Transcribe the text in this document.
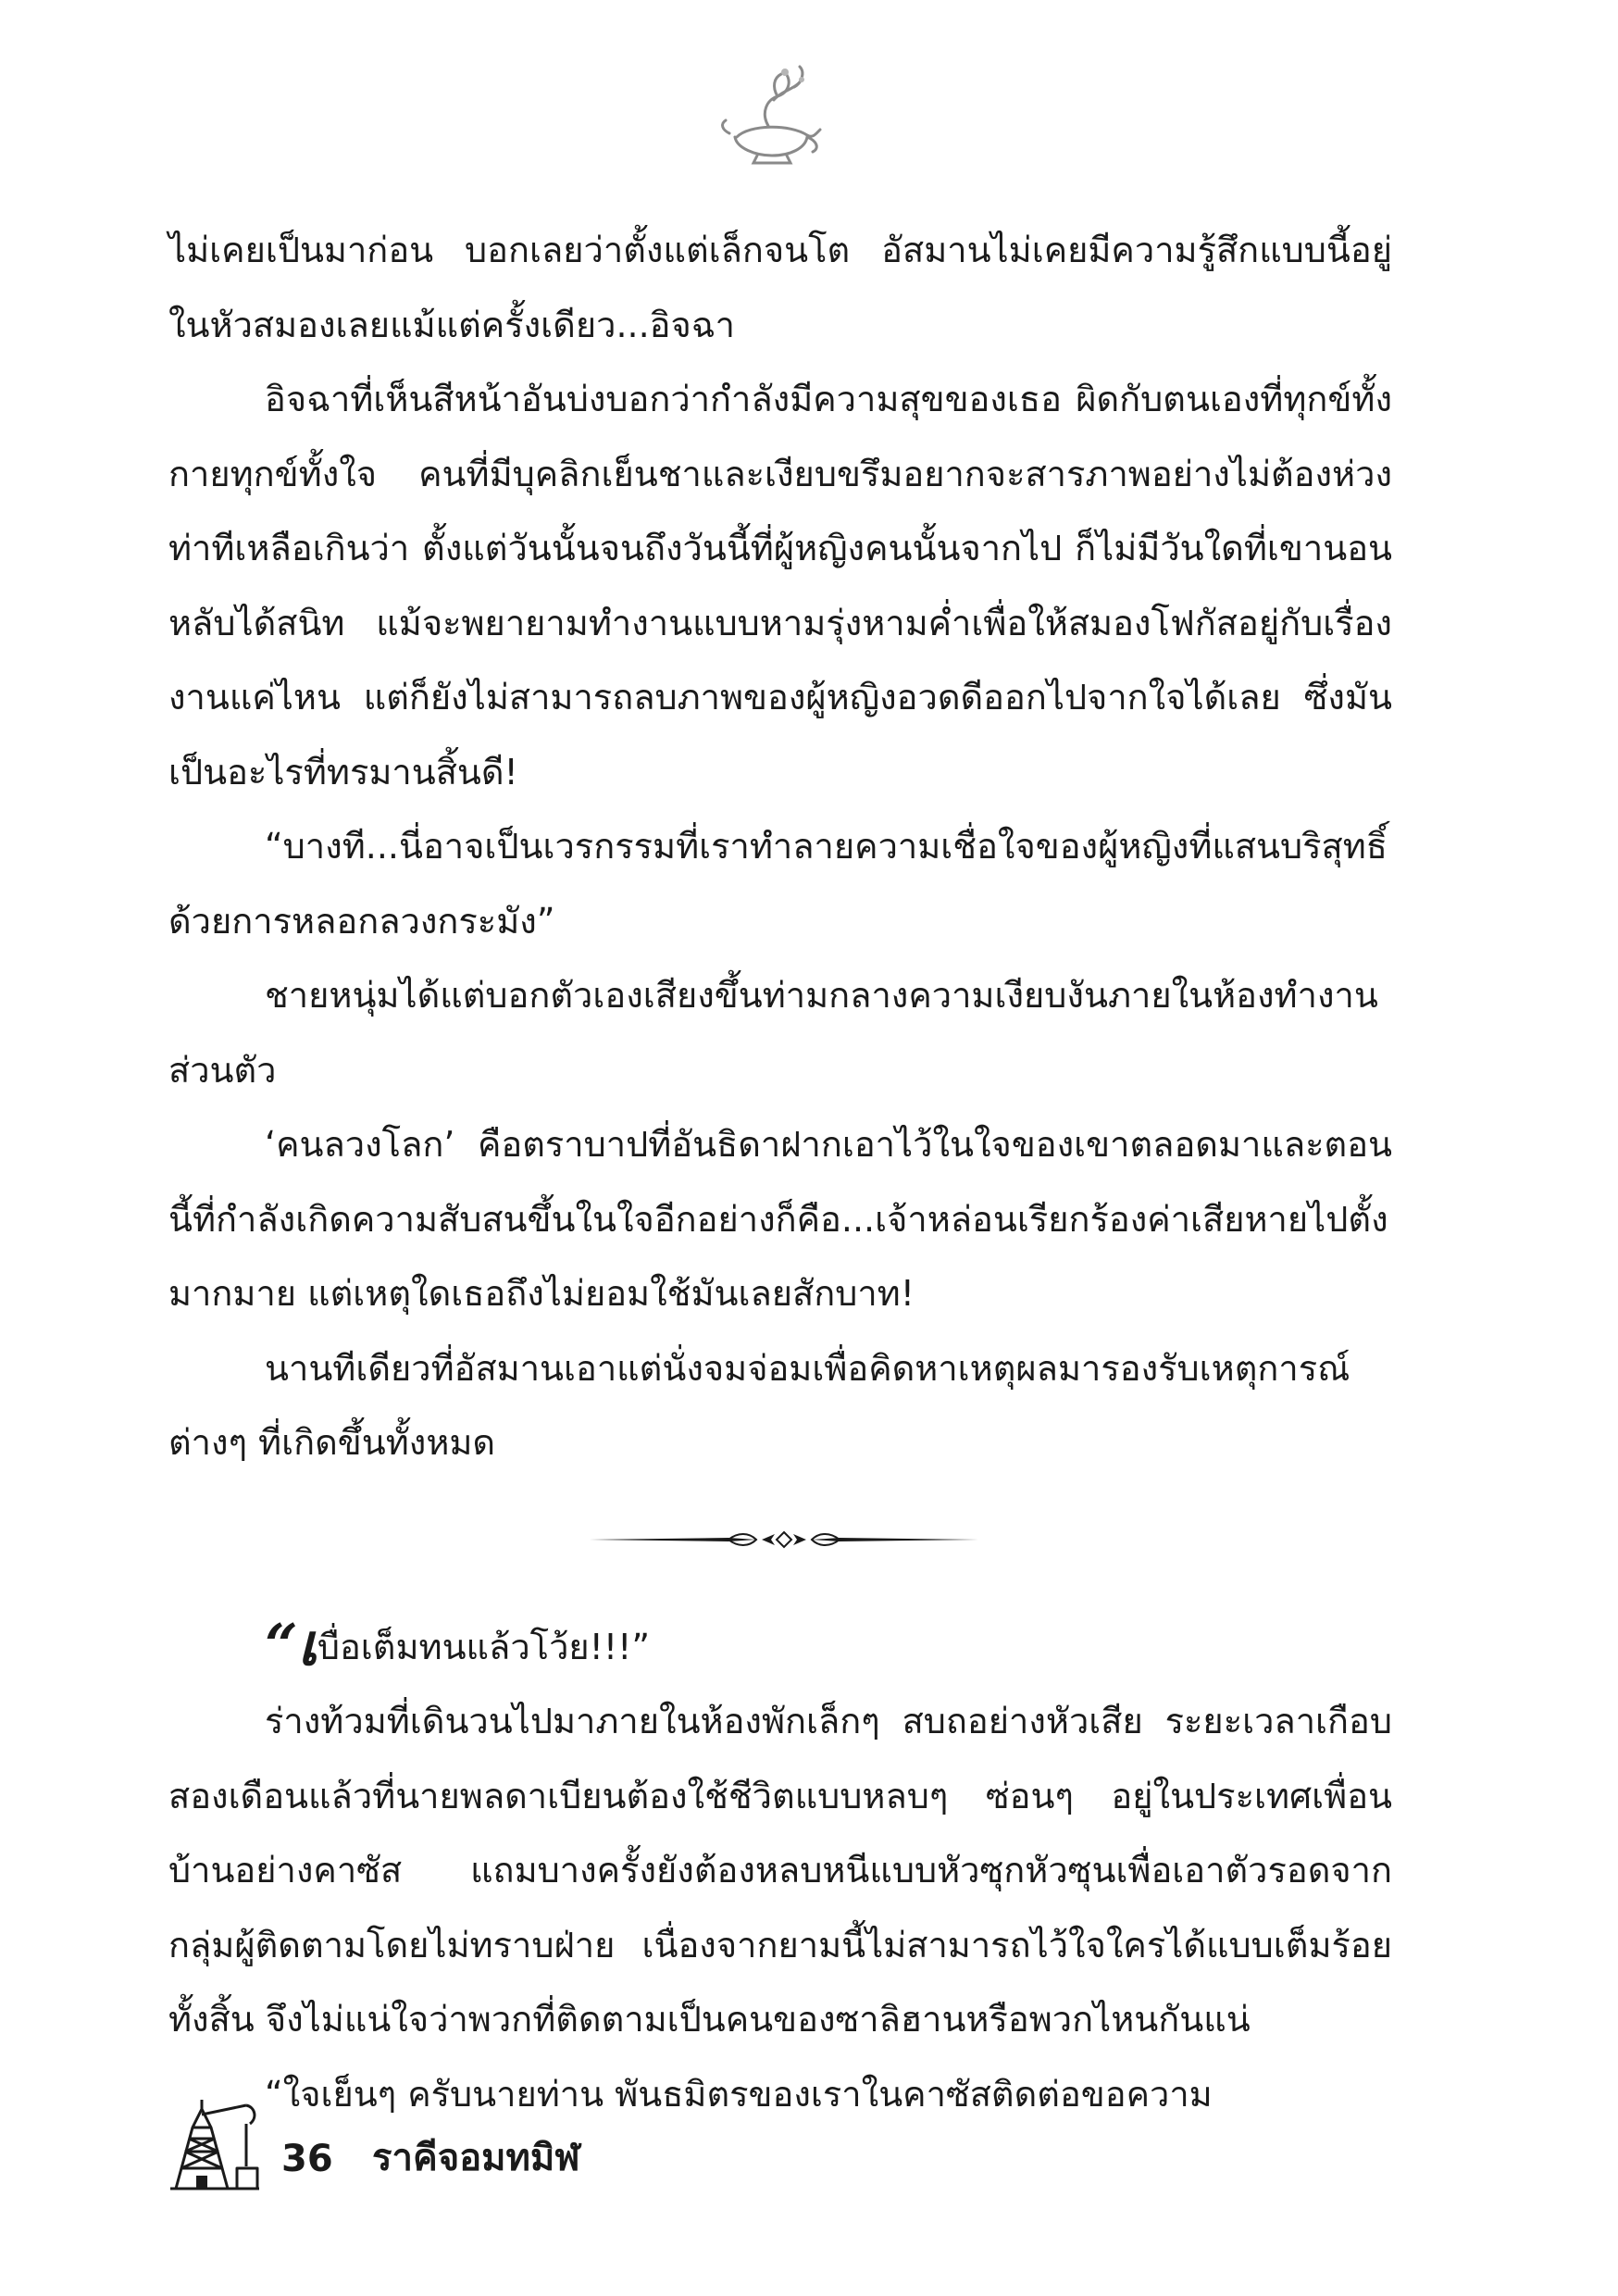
ไม่เคยเป็นมาก่อน บอกเลยว่าตั้งแต่เล็กจนโต อัสมานไม่เคยมีความรู้สึกแบบนี้อยู่ในหัวสมองเลยแม้แต่ครั้งเดียว...อิจฉา

อิจฉาที่เห็นสีหน้าอันบ่งบอกว่ากำลังมีความสุขของเธอ ผิดกับตนเองที่ทุกข์ทั้งกายทุกข์ทั้งใจ คนที่มีบุคลิกเย็นชาและเงียบขรึมอยากจะสารภาพอย่างไม่ต้องห่วงท่าทีเหลือเกินว่า ตั้งแต่วันนั้นจนถึงวันนี้ที่ผู้หญิงคนนั้นจากไป ก็ไม่มีวันใดที่เขานอนหลับได้สนิท แม้จะพยายามทำงานแบบหามรุ่งหามค่ำเพื่อให้สมองโฟกัสอยู่กับเรื่องงานแค่ไหน แต่ก็ยังไม่สามารถลบภาพของผู้หญิงอวดดีออกไปจากใจได้เลย ซึ่งมันเป็นอะไรที่ทรมานสิ้นดี!

“บางที...นี่อาจเป็นเวรกรรมที่เราทำลายความเชื่อใจของผู้หญิงที่แสนบริสุทธิ์ด้วยการหลอกลวงกระมัง”

ชายหนุ่มได้แต่บอกตัวเองเสียงขึ้นท่ามกลางความเงียบงันภายในห้องทำงานส่วนตัว

‘คนลวงโลก’ คือตราบาปที่อันธิดาฝากเอาไว้ในใจของเขาตลอดมาและตอนนี้ที่กำลังเกิดความสับสนขึ้นในใจอีกอย่างก็คือ...เจ้าหล่อนเรียกร้องค่าเสียหายไปตั้งมากมาย แต่เหตุใดเธอถึงไม่ยอมใช้มันเลยสักบาท!

นานทีเดียวที่อัสมานเอาแต่นั่งจมจ่อมเพื่อคิดหาเหตุผลมารองรับเหตุการณ์ต่างๆ ที่เกิดขึ้นทั้งหมด

“เบื่อเต็มทนแล้วโว้ย!!!”

ร่างท้วมที่เดินวนไปมาภายในห้องพักเล็กๆ สบถอย่างหัวเสีย ระยะเวลาเกือบสองเดือนแล้วที่นายพลดาเบียนต้องใช้ชีวิตแบบหลบๆ ซ่อนๆ อยู่ในประเทศเพื่อนบ้านอย่างคาซัส แถมบางครั้งยังต้องหลบหนีแบบหัวซุกหัวซุนเพื่อเอาตัวรอดจากกลุ่มผู้ติดตามโดยไม่ทราบฝ่าย เนื่องจากยามนี้ไม่สามารถไว้ใจใครได้แบบเต็มร้อยทั้งสิ้น จึงไม่แน่ใจว่าพวกที่ติดตามเป็นคนของซาลิฮานหรือพวกไหนกันแน่

“ใจเย็นๆ ครับนายท่าน พันธมิตรของเราในคาซัสติดต่อขอความ

36 ราคีจอมทมิฬ
